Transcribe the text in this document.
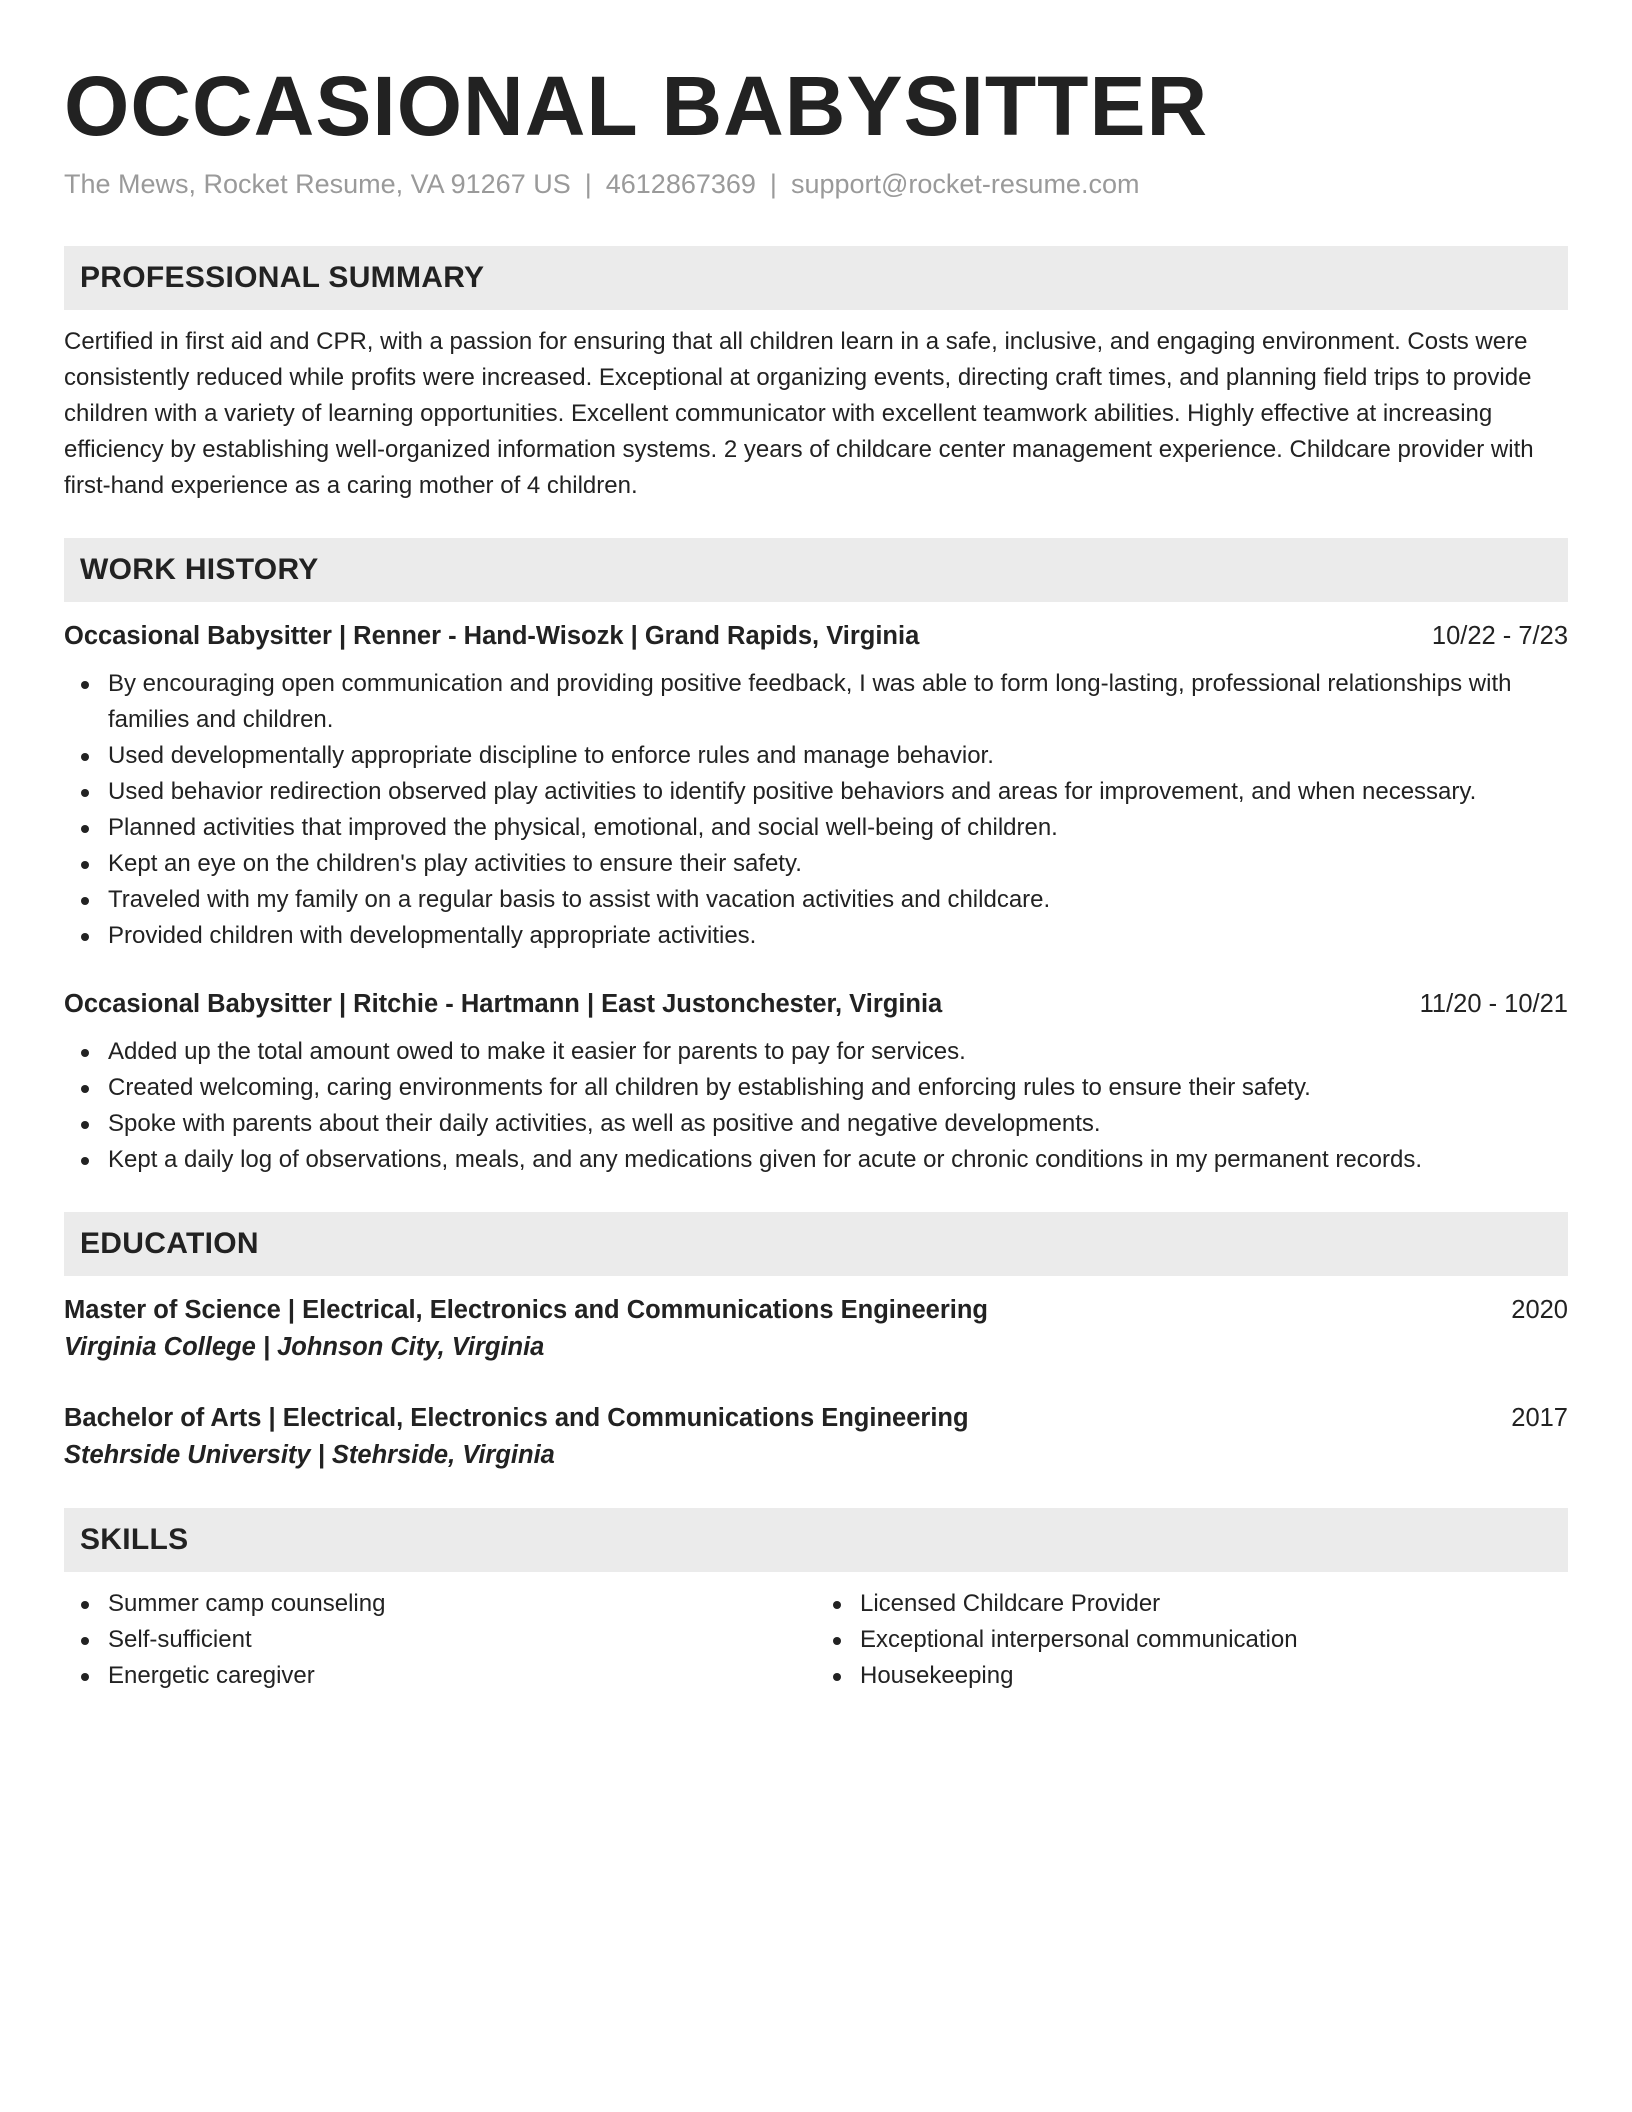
OCCASIONAL BABYSITTER
The Mews, Rocket Resume, VA 91267 US | 4612867369 | support@rocket-resume.com
PROFESSIONAL SUMMARY

Certified in first aid and CPR, with a passion for ensuring that all children learn in a safe, inclusive, and engaging environment. Costs were consistently reduced while profits were increased. Exceptional at organizing events, directing craft times, and planning field trips to provide children with a variety of learning opportunities. Excellent communicator with excellent teamwork abilities. Highly effective at increasing efficiency by establishing well-organized information systems. 2 years of childcare center management experience. Childcare provider with first-hand experience as a caring mother of 4 children.

WORK HISTORY
Occasional Babysitter | Renner - Hand-Wisozk | Grand Rapids, Virginia	10/22 - 7/23
By encouraging open communication and providing positive feedback, I was able to form long-lasting, professional relationships with families and children.
Used developmentally appropriate discipline to enforce rules and manage behavior.
Used behavior redirection observed play activities to identify positive behaviors and areas for improvement, and when necessary.
Planned activities that improved the physical, emotional, and social well-being of children.
Kept an eye on the children's play activities to ensure their safety.
Traveled with my family on a regular basis to assist with vacation activities and childcare.
Provided children with developmentally appropriate activities.
Occasional Babysitter | Ritchie - Hartmann | East Justonchester, Virginia	11/20 - 10/21
Added up the total amount owed to make it easier for parents to pay for services.
Created welcoming, caring environments for all children by establishing and enforcing rules to ensure their safety.
Spoke with parents about their daily activities, as well as positive and negative developments.
Kept a daily log of observations, meals, and any medications given for acute or chronic conditions in my permanent records.
EDUCATION
Master of Science | Electrical, Electronics and Communications Engineering	2020
Virginia College | Johnson City, Virginia
Bachelor of Arts | Electrical, Electronics and Communications Engineering	2017
Stehrside University | Stehrside, Virginia
SKILLS
Summer camp counseling
Self-sufficient
Energetic caregiver
Licensed Childcare Provider
Exceptional interpersonal communication
Housekeeping
